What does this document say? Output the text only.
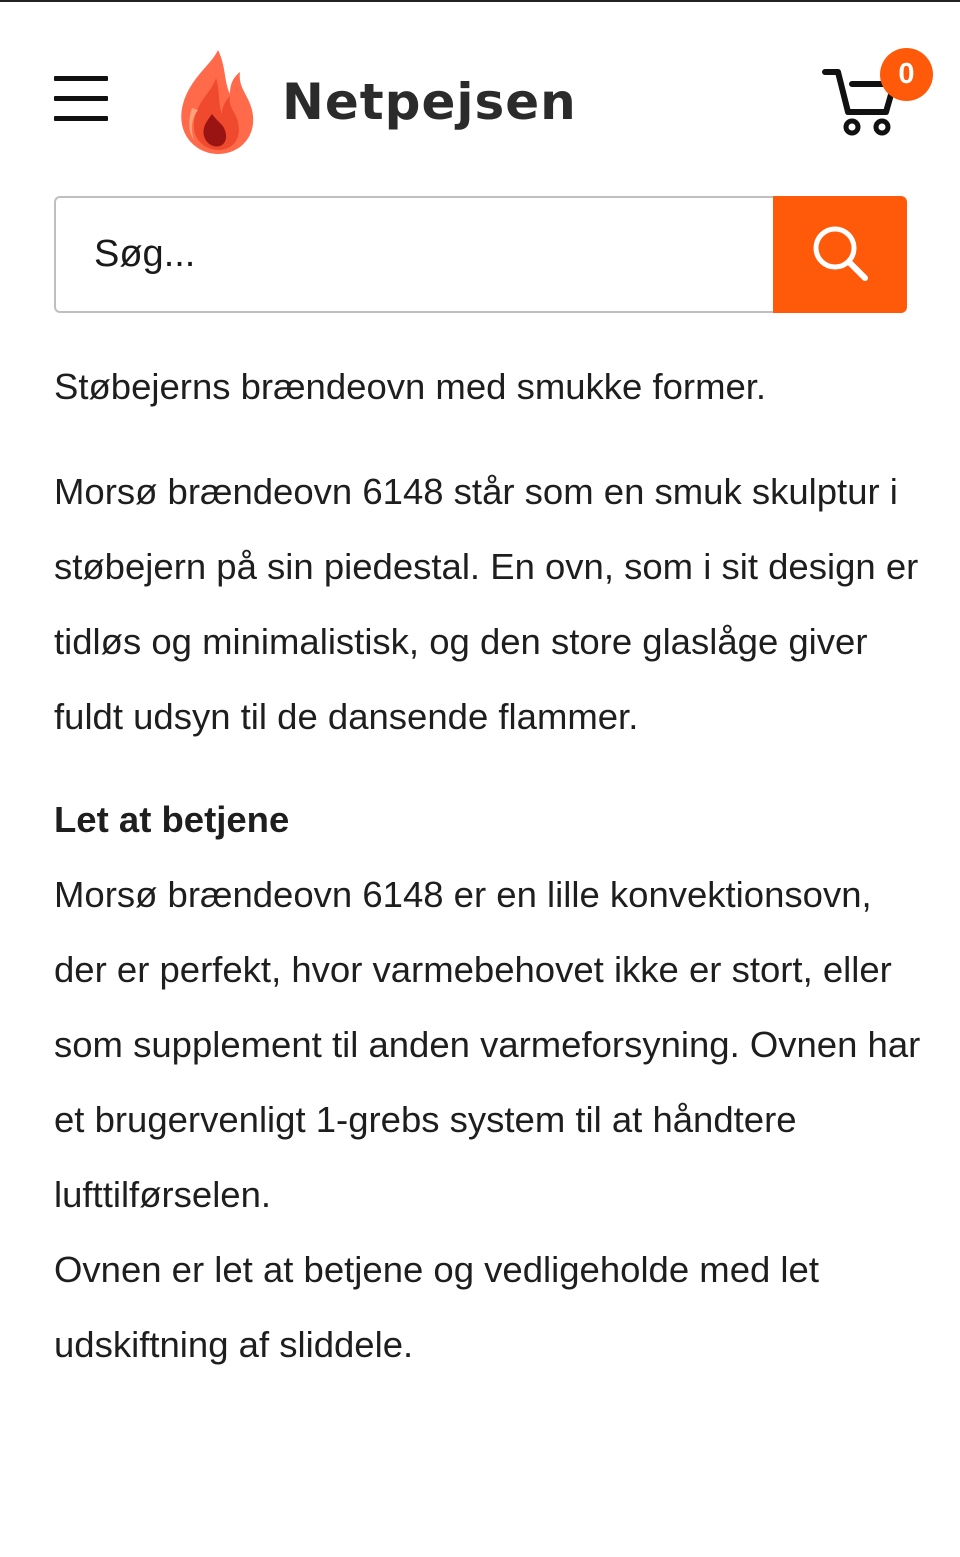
Netpejsen	0
Søg...

Støbejerns brændeovn med smukke former.

Morsø brændeovn 6148 står som en smuk skulptur i støbejern på sin piedestal. En ovn, som i sit design er tidløs og minimalistisk, og den store glaslåge giver fuldt udsyn til de dansende flammer.

Let at betjene

Morsø brændeovn 6148 er en lille konvektionsovn, der er perfekt, hvor varmebehovet ikke er stort, eller som supplement til anden varmeforsyning. Ovnen har et brugervenligt 1-grebs system til at håndtere lufttilførselen.

Ovnen er let at betjene og vedligeholde med let udskiftning af sliddele.
